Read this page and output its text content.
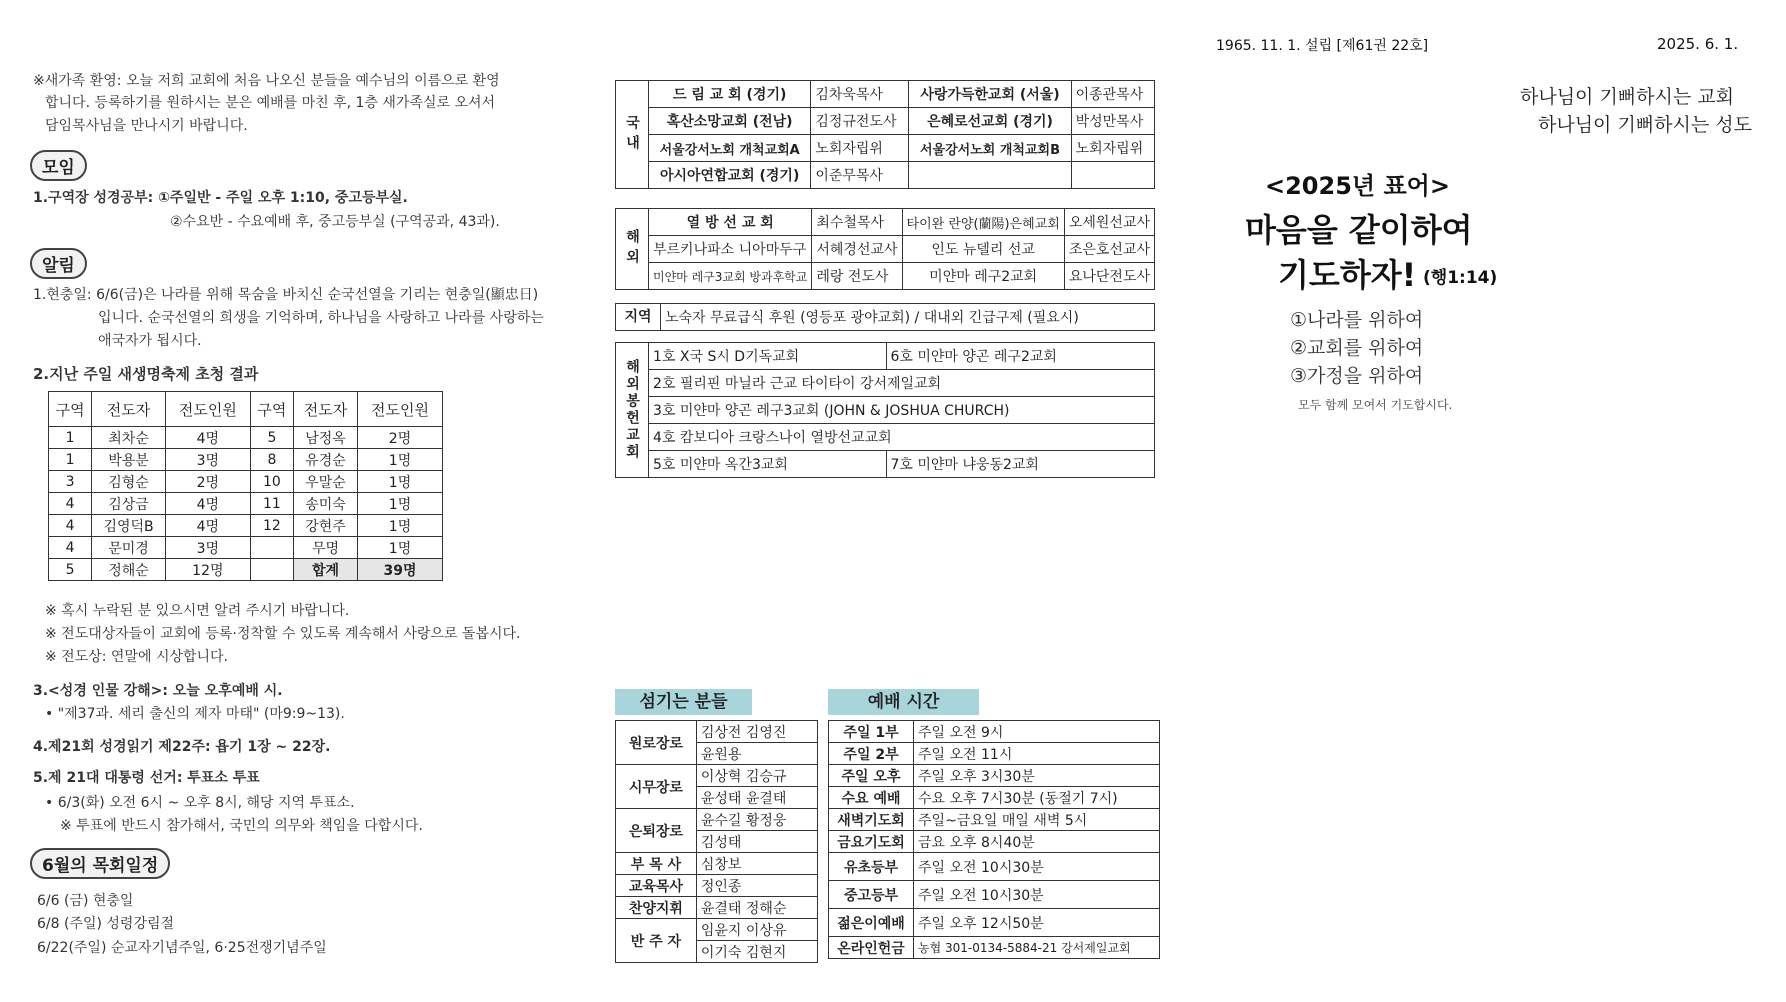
1965. 11. 1. 설립 [제61권 22호]	2025. 6. 1.
※새가족 환영: 오늘 저희 교회에 처음 나오신 분들을 예수님의 이름으로 환영
합니다. 등록하기를 원하시는 분은 예배를 마친 후, 1층 새가족실로 오셔서
담임목사님을 만나시기 바랍니다.
모임
1.구역장 성경공부: ①주일반 - 주일 오후 1:10, 중고등부실.
②수요반 - 수요예배 후, 중고등부실 (구역공과, 43과).
알림
1.현충일: 6/6(금)은 나라를 위해 목숨을 바치신 순국선열을 기리는 현충일(顯忠日)
입니다. 순국선열의 희생을 기억하며, 하나님을 사랑하고 나라를 사랑하는
애국자가 됩시다.
2.지난 주일 새생명축제 초청 결과
구역	전도자	전도인원	구역	전도자	전도인원
1	최차순	4명	5	남정옥	2명
1	박용분	3명	8	유경순	1명
3	김형순	2명	10	우말순	1명
4	김상금	4명	11	송미숙	1명
4	김영덕B	4명	12	강현주	1명
4	문미경	3명		무명	1명
5	정해순	12명		합계	39명
※ 혹시 누락된 분 있으시면 알려 주시기 바랍니다.
※ 전도대상자들이 교회에 등록·정착할 수 있도록 계속해서 사랑으로 돌봅시다.
※ 전도상: 연말에 시상합니다.
3.<성경 인물 강해>: 오늘 오후예배 시.
• "제37과. 세리 출신의 제자 마태" (마9:9~13).
4.제21회 성경읽기 제22주: 욥기 1장 ~ 22장.
5.제 21대 대통령 선거: 투표소 투표
• 6/3(화) 오전 6시 ~ 오후 8시, 해당 지역 투표소.
※ 투표에 반드시 참가해서, 국민의 의무와 책임을 다합시다.
6월의 목회일정
6/6 (금) 현충일
6/8 (주일) 성령강림절
6/22(주일) 순교자기념주일, 6·25전쟁기념주일
국내	드 림 교 회 (경기)	김차욱목사	사랑가득한교회 (서울)	이종관목사
	혹산소망교회 (전남)	김정규전도사	은혜로선교회 (경기)	박성만목사
	서울강서노회 개척교회A	노회자립위	서울강서노회 개척교회B	노회자립위
	아시아연합교회 (경기)	이준무목사		
해외	열 방 선 교 회	최수철목사	타이완 란양(蘭陽)은혜교회	오세원선교사
	부르키나파소 니아마두구	서혜경선교사	인도 뉴델리 선교	조은호선교사
	미얀마 레구3교회 방과후학교	레랑 전도사	미얀마 레구2교회	요나단전도사
지역	노숙자 무료급식 후원 (영등포 광야교회) / 대내외 긴급구제 (필요시)
해외봉헌교회	1호 X국 S시 D기독교회	6호 미얀마 양곤 레구2교회
	2호 필리핀 마닐라 근교 타이타이 강서제일교회	
	3호 미얀마 양곤 레구3교회 (JOHN & JOSHUA CHURCH)	
	4호 캄보디아 크랑스나이 열방선교교회	
	5호 미얀마 옥간3교회	7호 미얀마 냐웅동2교회
섬기는 분들
원로장로	김상전 김영진
	윤원용
시무장로	이상혁 김승규
	윤성태 윤결태
은퇴장로	윤수길 황정웅
	김성태
부 목 사	심창보
교육목사	정인종
찬양지휘	윤결태 정해순
반 주 자	임윤지 이상유
	이기숙 김현지
예배 시간
주일 1부	주일 오전 9시
주일 2부	주일 오전 11시
주일 오후	주일 오후 3시30분
수요 예배	수요 오후 7시30분 (동절기 7시)
새벽기도회	주일~금요일 매일 새벽 5시
금요기도회	금요 오후 8시40분
유초등부	주일 오전 10시30분
중고등부	주일 오전 10시30분
젊은이예배	주일 오후 12시50분
온라인헌금	농협 301-0134-5884-21 강서제일교회
하나님이 기뻐하시는 교회
하나님이 기뻐하시는 성도
<2025년 표어>
마음을 같이하여
기도하자! (행1:14)
①나라를 위하여
②교회를 위하여
③가정을 위하여
모두 함께 모여서 기도합시다.
